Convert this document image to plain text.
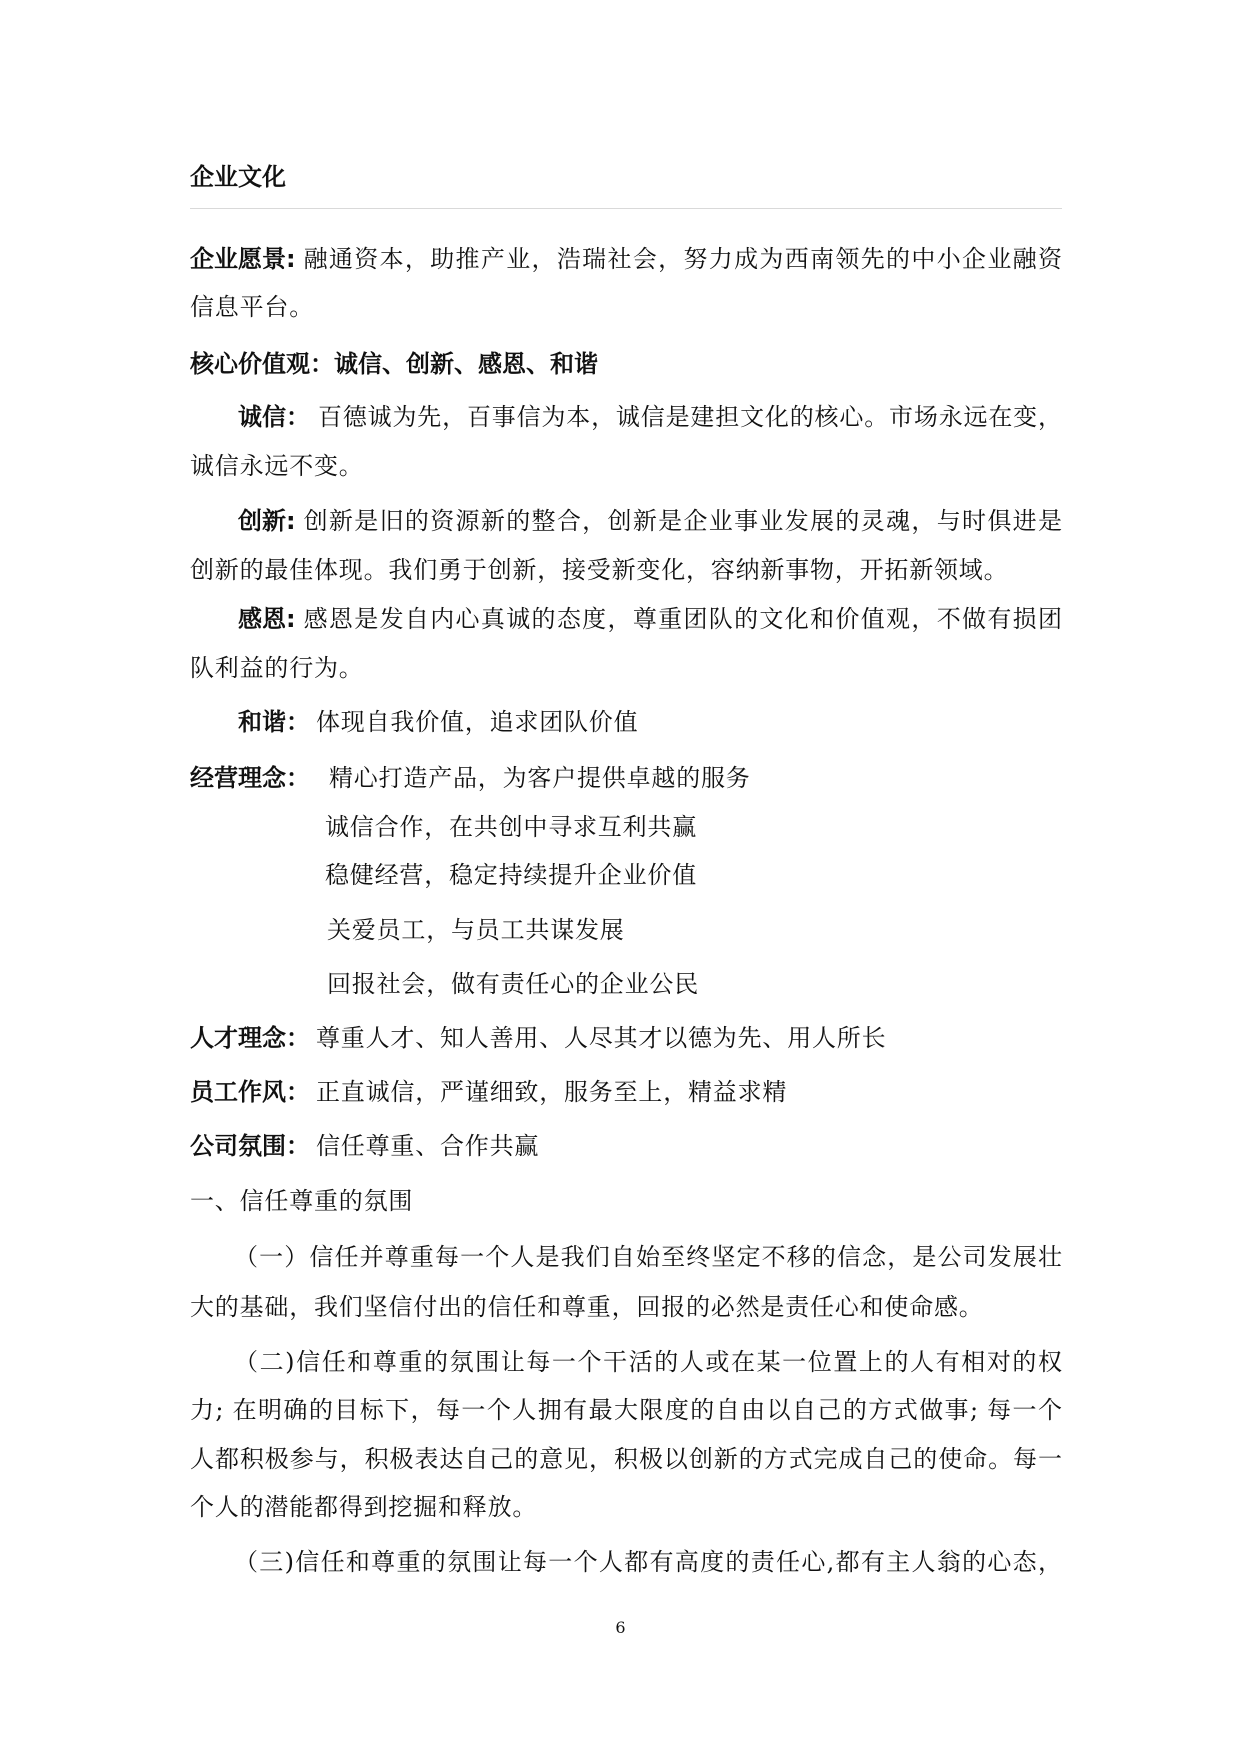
企业文化
企业愿景: 融通资本，助推产业，浩瑞社会，努力成为西南领先的中小企业融资
信息平台。
核心价值观：诚信、创新、感恩、和谐
诚信： 百德诚为先，百事信为本，诚信是建担文化的核心。市场永远在变，
诚信永远不变。
创新: 创新是旧的资源新的整合，创新是企业事业发展的灵魂，与时俱进是
创新的最佳体现。我们勇于创新，接受新变化，容纳新事物，开拓新领域。
感恩: 感恩是发自内心真诚的态度，尊重团队的文化和价值观，不做有损团
队利益的行为。
和谐： 体现自我价值，追求团队价值
经营理念： 精心打造产品，为客户提供卓越的服务
诚信合作，在共创中寻求互利共赢
稳健经营，稳定持续提升企业价值
关爱员工，与员工共谋发展
回报社会，做有责任心的企业公民
人才理念： 尊重人才、知人善用、人尽其才以德为先、用人所长
员工作风： 正直诚信，严谨细致，服务至上，精益求精
公司氛围： 信任尊重、合作共赢
一、信任尊重的氛围
（一）信任并尊重每一个人是我们自始至终坚定不移的信念，是公司发展壮
大的基础，我们坚信付出的信任和尊重，回报的必然是责任心和使命感。
（二)信任和尊重的氛围让每一个干活的人或在某一位置上的人有相对的权
力; 在明确的目标下，每一个人拥有最大限度的自由以自己的方式做事; 每一个
人都积极参与，积极表达自己的意见，积极以创新的方式完成自己的使命。每一
个人的潜能都得到挖掘和释放。
（三)信任和尊重的氛围让每一个人都有高度的责任心,都有主人翁的心态，
6
